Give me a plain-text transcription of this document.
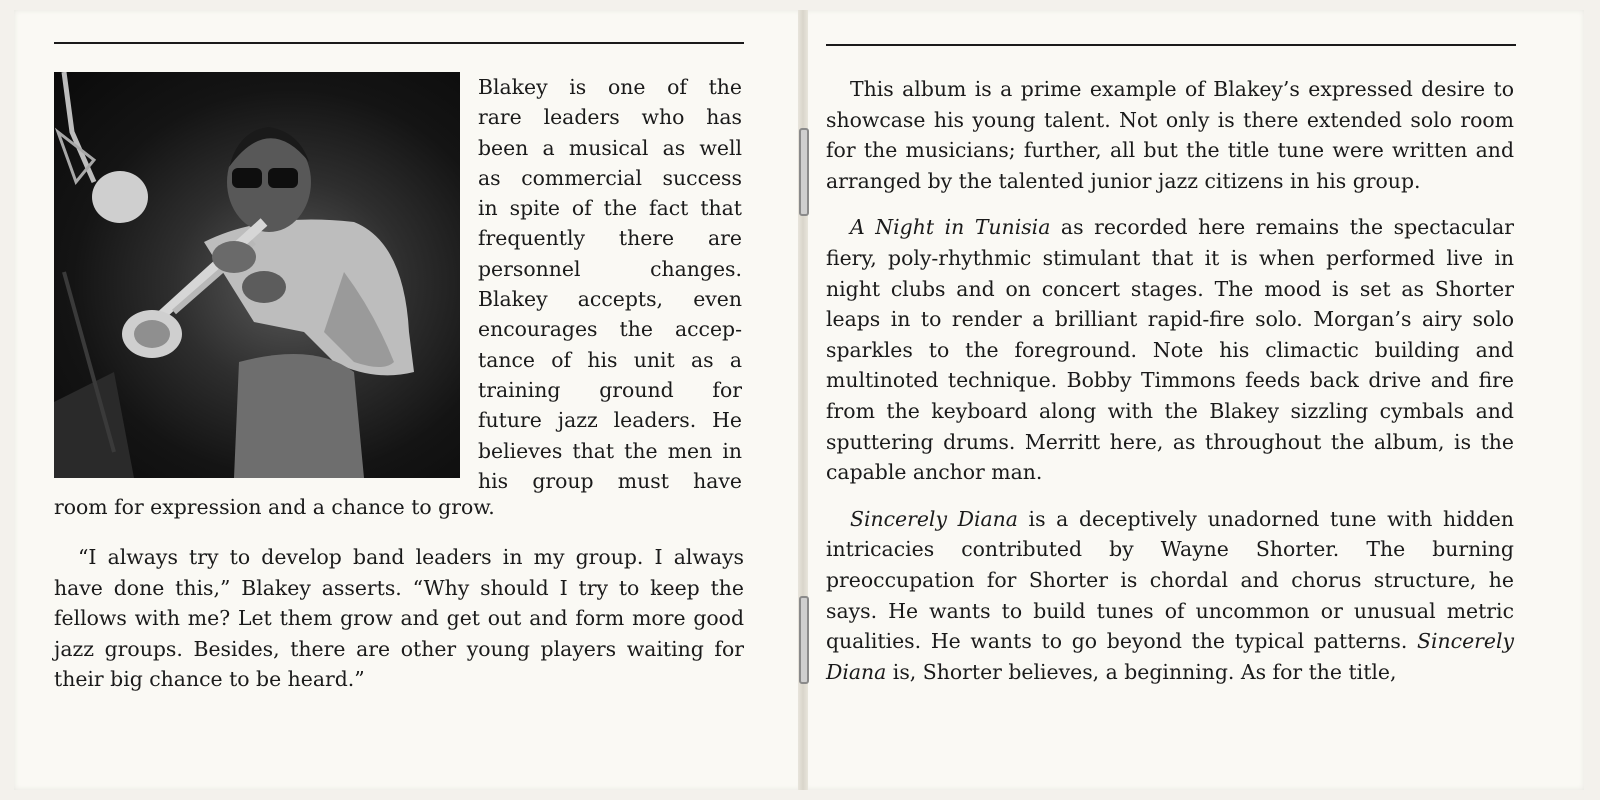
Blakey is one of the
rare leaders who has
been a musical as well
as commercial success
in spite of the fact that
frequently there are
personnel changes.
Blakey accepts, even
encourages the accep-
tance of his unit as a
training ground for
future jazz leaders. He
believes that the men in
his group must have

room for expression and a chance to grow.

“I always try to develop band leaders in my group. I always have done this,” Blakey asserts. “Why should I try to keep the fellows with me? Let them grow and get out and form more good jazz groups. Besides, there are other young players waiting for their big chance to be heard.”

This album is a prime example of Blakey’s expressed desire to showcase his young talent. Not only is there extended solo room for the musicians; further, all but the title tune were written and arranged by the talented junior jazz citizens in his group.

A Night in Tunisia as recorded here remains the spectacular fiery, poly-rhythmic stimulant that it is when performed live in night clubs and on concert stages. The mood is set as Shorter leaps in to render a brilliant rapid-fire solo. Morgan’s airy solo sparkles to the foreground. Note his climactic building and multinoted technique. Bobby Timmons feeds back drive and fire from the keyboard along with the Blakey sizzling cymbals and sputtering drums. Merritt here, as throughout the album, is the capable anchor man.

Sincerely Diana is a deceptively unadorned tune with hidden intricacies contributed by Wayne Shorter. The burning preoccupation for Shorter is chordal and chorus structure, he says. He wants to build tunes of uncommon or unusual metric qualities. He wants to go beyond the typical patterns. Sincerely Diana is, Shorter believes, a beginning. As for the title,
